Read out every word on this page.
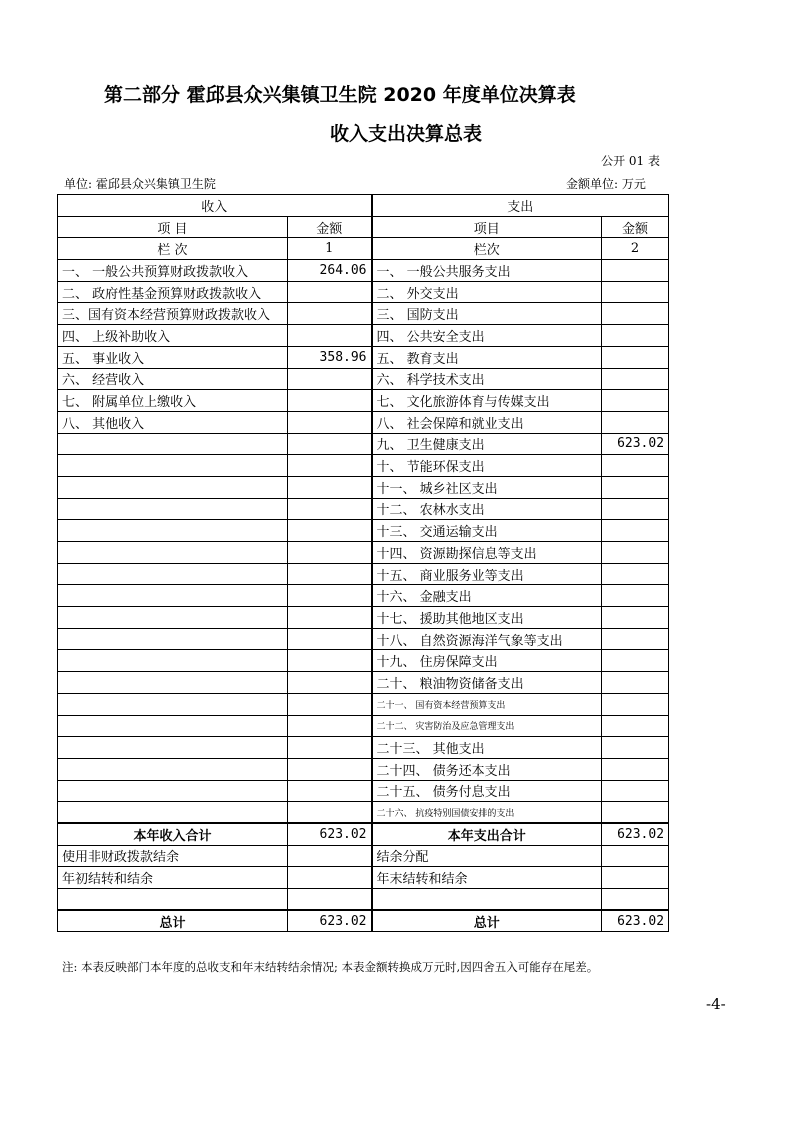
第二部分 霍邱县众兴集镇卫生院 2020 年度单位决算表
收入支出决算总表
公开 01 表
单位: 霍邱县众兴集镇卫生院	金额单位: 万元
收入		支出	
项 目	金额	项目	金额
栏 次	1	栏次	2
一、 一般公共预算财政拨款收入	264.06	一、 一般公共服务支出	
二、 政府性基金预算财政拨款收入		二、 外交支出	
三、国有资本经营预算财政拨款收入		三、 国防支出	
四、 上级补助收入		四、 公共安全支出	
五、 事业收入	358.96	五、 教育支出	
六、 经营收入		六、 科学技术支出	
七、 附属单位上缴收入		七、 文化旅游体育与传媒支出	
八、 其他收入		八、 社会保障和就业支出	
		九、 卫生健康支出	623.02
		十、 节能环保支出	
		十一、 城乡社区支出	
		十二、 农林水支出	
		十三、 交通运输支出	
		十四、 资源勘探信息等支出	
		十五、 商业服务业等支出	
		十六、 金融支出	
		十七、 援助其他地区支出	
		十八、 自然资源海洋气象等支出	
		十九、 住房保障支出	
		二十、 粮油物资储备支出	
		二十一、 国有资本经营预算支出	
		二十二、 灾害防治及应急管理支出	
		二十三、 其他支出	
		二十四、 债务还本支出	
		二十五、 债务付息支出	
		二十六、 抗疫特别国债安排的支出	
本年收入合计	623.02	本年支出合计	623.02
使用非财政拨款结余		结余分配	
年初结转和结余		年末结转和结余	

总计	623.02	总计	623.02
注: 本表反映部门本年度的总收支和年末结转结余情况; 本表金额转换成万元时,因四舍五入可能存在尾差。
-4-
